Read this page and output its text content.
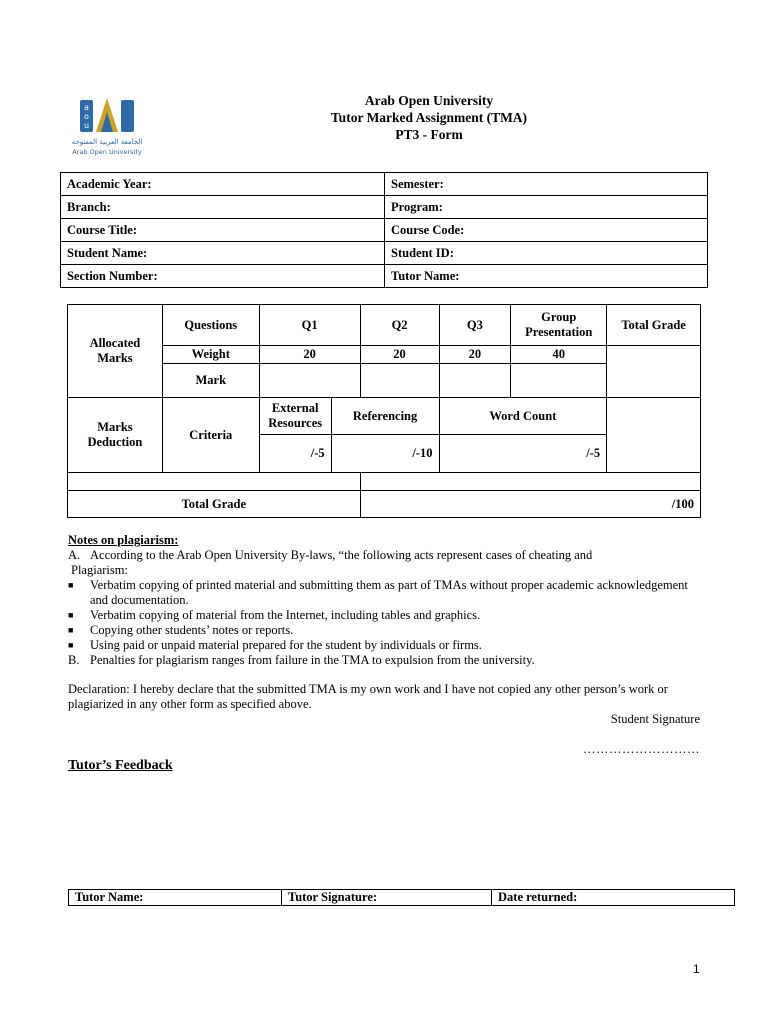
a
o
u
الجامعة العربية المفتوحة
Arab Open University
Arab Open University
Tutor Marked Assignment (TMA)
PT3 - Form
Academic Year:	Semester:
Branch:	Program:
Course Title:	Course Code:
Student Name:	Student ID:
Section Number:	Tutor Name:
Allocated Marks	Questions	Q1		Q2	Q3	Group Presentation	Total Grade
	Weight	20		20	20	40	
	Mark						
Marks Deduction	Criteria	External Resources	Referencing		Word Count		
		/-5	/-10		/-5		

Total Grade				/100			

Notes on plagiarism:

A. According to the Arab Open University By-laws, “the following acts represent cases of cheating and

Plagiarism:

■ Verbatim copying of printed material and submitting them as part of TMAs without proper academic acknowledgement and documentation.

■ Verbatim copying of material from the Internet, including tables and graphics.

■ Copying other students’ notes or reports.

■ Using paid or unpaid material prepared for the student by individuals or firms.

B. Penalties for plagiarism ranges from failure in the TMA to expulsion from the university.

Declaration: I hereby declare that the submitted TMA is my own work and I have not copied any other person’s work or plagiarized in any other form as specified above.
Student Signature
………………………
Tutor’s Feedback
Tutor Name:	Tutor Signature:	Date returned:
1
